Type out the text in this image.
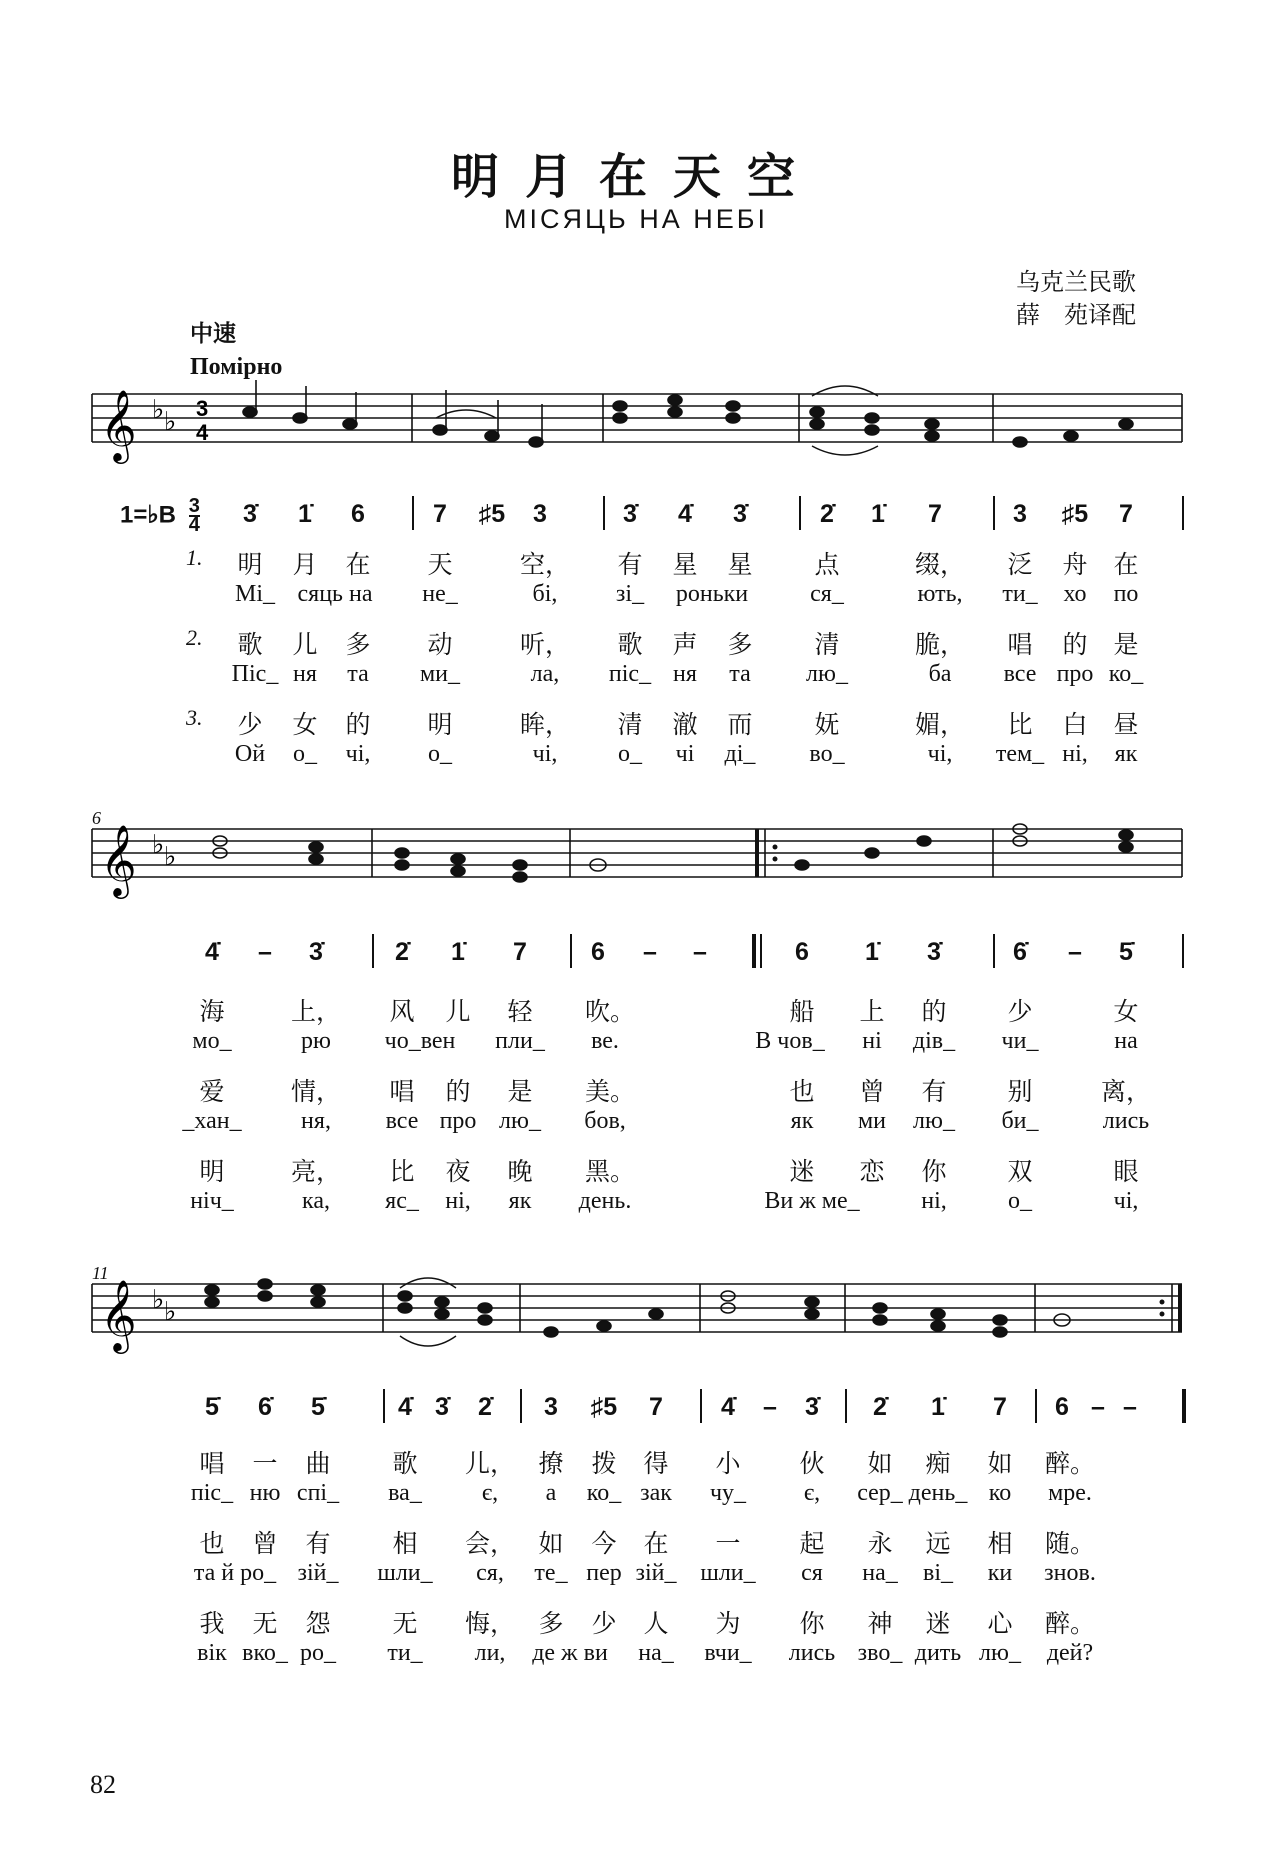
明月在天空
МІСЯЦЬ НА НЕБІ
乌克兰民歌
薛　苑译配
中速
Помірно
𝄞 ♭ ♭ 3
4
1=♭B $\frac{3}{4}$ 3̇ 1̇ 6	7 ♯5 3	3̇ 4̇ 3̇	2̇ 1̇ 7	3 ♯5 7
1. 明 月 在 天	空， 有 星 星 点	缀， 泛 舟 在
Мі_ сяць на не_	бі, зі_ роньки	ся_	ють, ти_ хо по
2. 歌 儿 多 动	听， 歌 声 多 清	脆， 唱 的 是
Піс_ ня та ми_	ла, піс_ ня та лю_	ба все про ко_
3. 少 女 的 明	眸， 清 澈 而 妩	媚， 比 白 昼
Ой о_ чі, о_	чі,	о_ чі ді_ во_	чі, тем_ ні, як
6
𝄞 ♭ ♭
4̇ – 3̇	2̇ 1̇ 7	6 – –	6 1̇ 3̇	6̇ – 5̇
海	上， 风 儿 轻 吹。	船 上 的 少	女
мо_	рю чо_вен пли_ ве.	В чов_ ні дів_ чи_	на
爱	情， 唱 的 是 美。	也 曾 有 别	离，
_хан_ ня, все про лю_ бов,	як ми лю_ би_	лись
明	亮， 比 夜 晚 黑。	迷 恋 你 双	眼
ніч_	ка, яс_ ні, як день.	Ви ж ме_	ні,	о_	чі,
11
𝄞 ♭ ♭
5̇ 6̇ 5̇	4̇ 3̇ 2̇ 3 ♯5 7 4̇ – 3̇ 2̇ 1̇ 7 6 – –
唱 一 曲 歌 儿， 撩 拨 得 小 伙 如 痴 如 醉。
піс_ ню спі_ ва_	є, а ко_ зак чу_ є, сер_ день_ ко мре.
也 曾 有 相 会， 如 今 在 一 起 永 远 相 随。
та й ро_ зій_ шли_ ся, те_ пер зій_ шли_ ся на_ ві_ ки знов.
我 无 怨 无 悔， 多 少 人 为 你 神 迷 心 醉。
вік вко_ ро_ ти_ ли, де ж ви на_ вчи_ лись зво_ дить лю_ дей?
82
